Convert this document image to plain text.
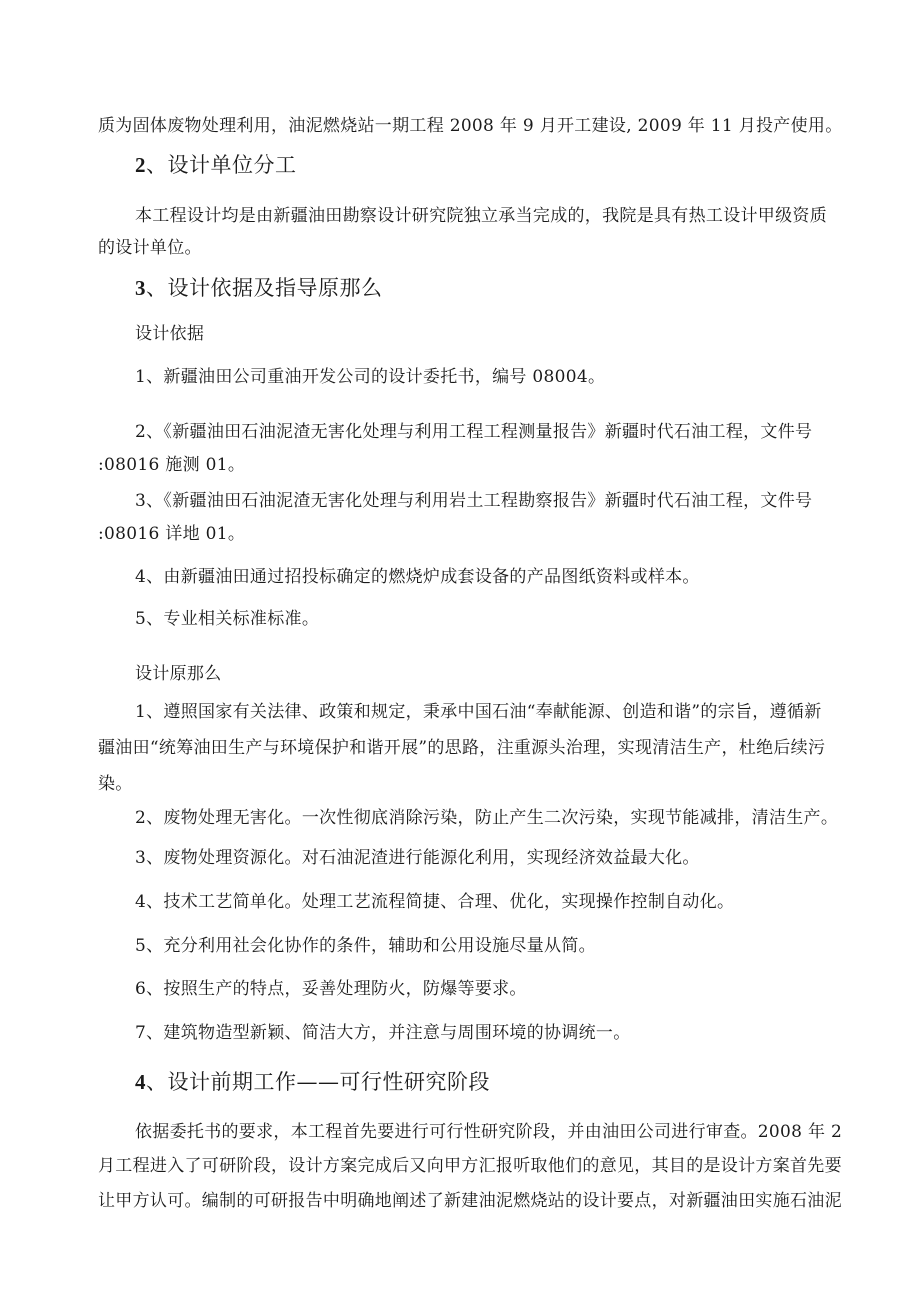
质为固体废物处理利用，油泥燃烧站一期工程 2008 年 9 月开工建设, 2009 年 11 月投产使用。
2、设计单位分工
本工程设计均是由新疆油田勘察设计研究院独立承当完成的，我院是具有热工设计甲级资质
的设计单位。
3、设计依据及指导原那么
设计依据
1、新疆油田公司重油开发公司的设计委托书，编号 08004。
2、《新疆油田石油泥渣无害化处理与利用工程工程测量报告》新疆时代石油工程，文件号
:08016 施测 01。
3、《新疆油田石油泥渣无害化处理与利用岩土工程勘察报告》新疆时代石油工程，文件号
:08016 详地 01。
4、由新疆油田通过招投标确定的燃烧炉成套设备的产品图纸资料或样本。
5、专业相关标准标准。
设计原那么
1、遵照国家有关法律、政策和规定，秉承中国石油“奉献能源、创造和谐”的宗旨，遵循新
疆油田“统筹油田生产与环境保护和谐开展”的思路，注重源头治理，实现清洁生产，杜绝后续污
染。
2、废物处理无害化。一次性彻底消除污染，防止产生二次污染，实现节能减排，清洁生产。
3、废物处理资源化。对石油泥渣进行能源化利用，实现经济效益最大化。
4、技术工艺简单化。处理工艺流程简捷、合理、优化，实现操作控制自动化。
5、充分利用社会化协作的条件，辅助和公用设施尽量从简。
6、按照生产的特点，妥善处理防火，防爆等要求。
7、建筑物造型新颖、简洁大方，并注意与周围环境的协调统一。
4、设计前期工作——可行性研究阶段
依据委托书的要求，本工程首先要进行可行性研究阶段，并由油田公司进行审查。2008 年 2
月工程进入了可研阶段，设计方案完成后又向甲方汇报听取他们的意见，其目的是设计方案首先要
让甲方认可。编制的可研报告中明确地阐述了新建油泥燃烧站的设计要点，对新疆油田实施石油泥
